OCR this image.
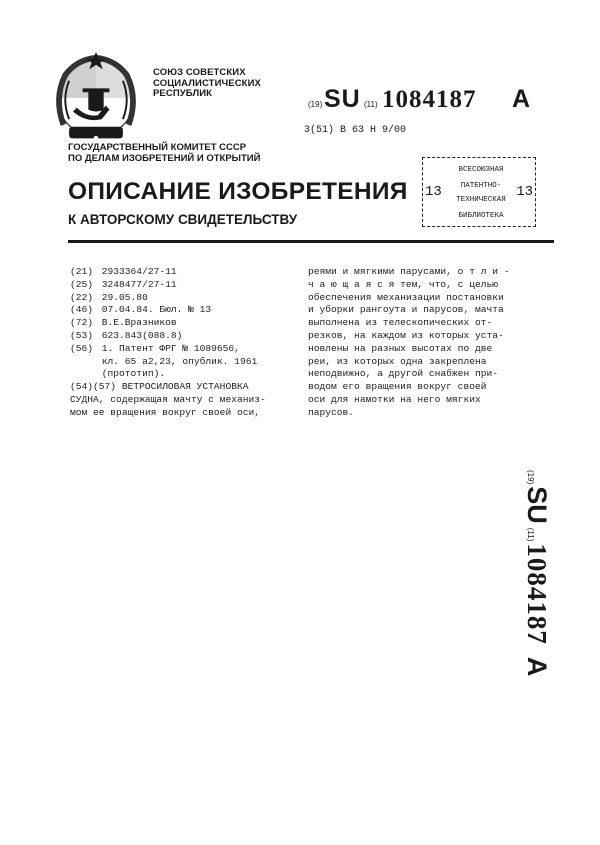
СОЮЗ СОВЕТСКИХ
СОЦИАЛИСТИЧЕСКИХ
РЕСПУБЛИК
(19) SU (11) 1084187 A
3(51) B 63 H 9/00
ГОСУДАРСТВЕННЫЙ КОМИТЕТ СССР
ПО ДЕЛАМ ИЗОБРЕТЕНИЙ И ОТКРЫТИЙ
13	13
ВСЕСОЮЗНАЯ
ПАТЕНТНО-
ТЕХНИЧЕСКАЯ
БИБЛИОТЕКА
ОПИСАНИЕ ИЗОБРЕТЕНИЯ
К АВТОРСКОМУ СВИДЕТЕЛЬСТВУ
(21) 2933364/27-11
(25) 3248477/27-11
(22) 29.05.80
(46) 07.04.84. Бюл. № 13
(72) В.Е.Вразников
(53) 623.843(088.8)
(56) 1. Патент ФРГ № 1089656,
кл. 65 a2,23, опублик. 1961
(прототип).
(54)(57) ВЕТРОСИЛОВАЯ УСТАНОВКА
СУДНА, содержащая мачту с механиз-
мом ее вращения вокруг своей оси,
реями и мягкими парусами, о т л и -
ч а ю щ а я с я тем, что, с целью
обеспечения механизации постановки
и уборки рангоута и парусов, мачта
выполнена из телескопических от-
резков, на каждом из которых уста-
новлены на разных высотах по две
реи, из которых одна закреплена
неподвижно, а другой снабжен при-
водом его вращения вокруг своей
оси для намотки на него мягких
парусов.
(19)SU(11)1084187A
